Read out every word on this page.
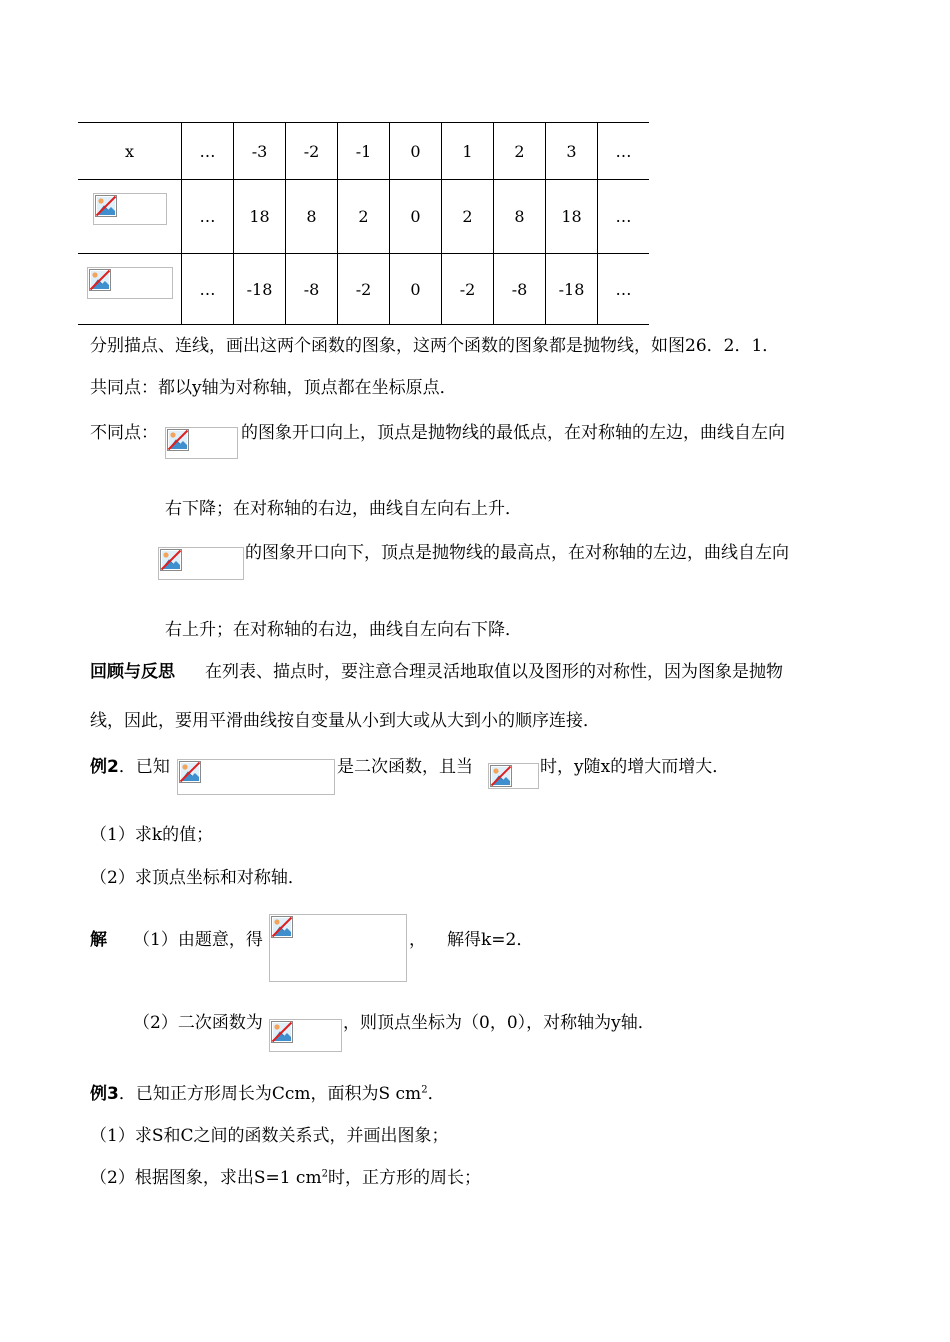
x	…	-3	-2	-1	0	1	2	3	…

	…	18	8	2	0	2	8	18	…

	…	-18	-8	-2	0	-2	-8	-18	…
分别描点、连线，画出这两个函数的图象，这两个函数的图象都是抛物线，如图26．2．1．
共同点：都以y轴为对称轴，顶点都在坐标原点．
不同点：	的图象开口向上，顶点是抛物线的最低点，在对称轴的左边，曲线自左向
右下降；在对称轴的右边，曲线自左向右上升．
的图象开口向下，顶点是抛物线的最高点，在对称轴的左边，曲线自左向
右上升；在对称轴的右边，曲线自左向右下降．
回顾与反思 在列表、描点时，要注意合理灵活地取值以及图形的对称性，因为图象是抛物
线，因此，要用平滑曲线按自变量从小到大或从大到小的顺序连接．
例2．已知	是二次函数，且当	时，y随x的增大而增大．
（1）求k的值；
（2）求顶点坐标和对称轴．
解 （1）由题意，得	， 解得k=2．
（2）二次函数为	，则顶点坐标为（0，0），对称轴为y轴．
例3．已知正方形周长为Ccm，面积为S $cm^2$．
（1）求S和C之间的函数关系式，并画出图象；
（2）根据图象，求出S=1 $cm^2$时，正方形的周长；
